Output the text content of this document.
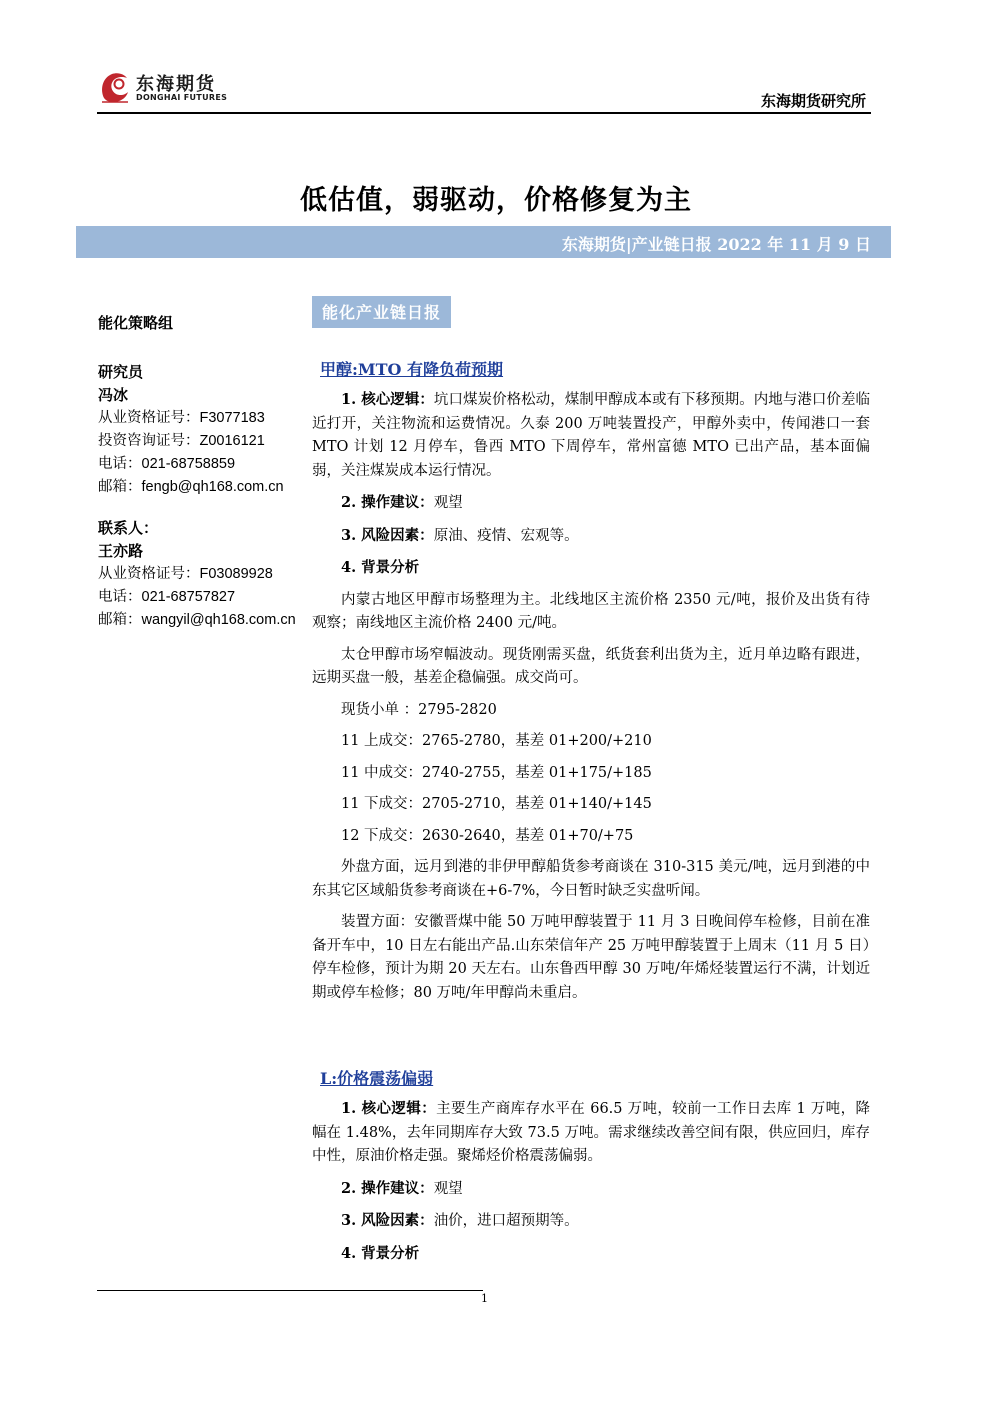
东海期货
DONGHAI FUTURES	东海期货研究所
低估值，弱驱动，价格修复为主
东海期货|产业链日报 2022 年 11 月 9 日
能化策略组
研究员
冯冰
从业资格证号：F3077183
投资咨询证号：Z0016121
电话：021-68758859
邮箱：fengb@qh168.com.cn
联系人：
王亦路
从业资格证号：F03089928
电话：021-68757827
邮箱：wangyil@qh168.com.cn
能化产业链日报
甲醇:MTO 有降负荷预期

1. 核心逻辑：坑口煤炭价格松动，煤制甲醇成本或有下移预期。内地与港口价差临近打开，关注物流和运费情况。久泰 200 万吨装置投产，甲醇外卖中，传闻港口一套 MTO 计划 12 月停车，鲁西 MTO 下周停车，常州富德 MTO 已出产品，基本面偏弱，关注煤炭成本运行情况。

2. 操作建议：观望

3. 风险因素：原油、疫情、宏观等。

4. 背景分析

内蒙古地区甲醇市场整理为主。北线地区主流价格 2350 元/吨，报价及出货有待观察；南线地区主流价格 2400 元/吨。

太仓甲醇市场窄幅波动。现货刚需买盘，纸货套利出货为主，近月单边略有跟进，远期买盘一般，基差企稳偏强。成交尚可。

现货小单 ：2795-2820

11 上成交：2765-2780，基差 01+200/+210

11 中成交：2740-2755，基差 01+175/+185

11 下成交：2705-2710，基差 01+140/+145

12 下成交：2630-2640，基差 01+70/+75

外盘方面，远月到港的非伊甲醇船货参考商谈在 310-315 美元/吨，远月到港的中东其它区域船货参考商谈在+6-7%，今日暂时缺乏实盘听闻。

装置方面：安徽晋煤中能 50 万吨甲醇装置于 11 月 3 日晚间停车检修，目前在准备开车中，10 日左右能出产品.山东荣信年产 25 万吨甲醇装置于上周末（11 月 5 日）停车检修，预计为期 20 天左右。山东鲁西甲醇 30 万吨/年烯烃装置运行不满，计划近期或停车检修；80 万吨/年甲醇尚未重启。

L:价格震荡偏弱

1. 核心逻辑：主要生产商库存水平在 66.5 万吨，较前一工作日去库 1 万吨，降幅在 1.48%，去年同期库存大致 73.5 万吨。需求继续改善空间有限，供应回归，库存中性，原油价格走强。聚烯烃价格震荡偏弱。

2. 操作建议：观望

3. 风险因素：油价，进口超预期等。

4. 背景分析

1
